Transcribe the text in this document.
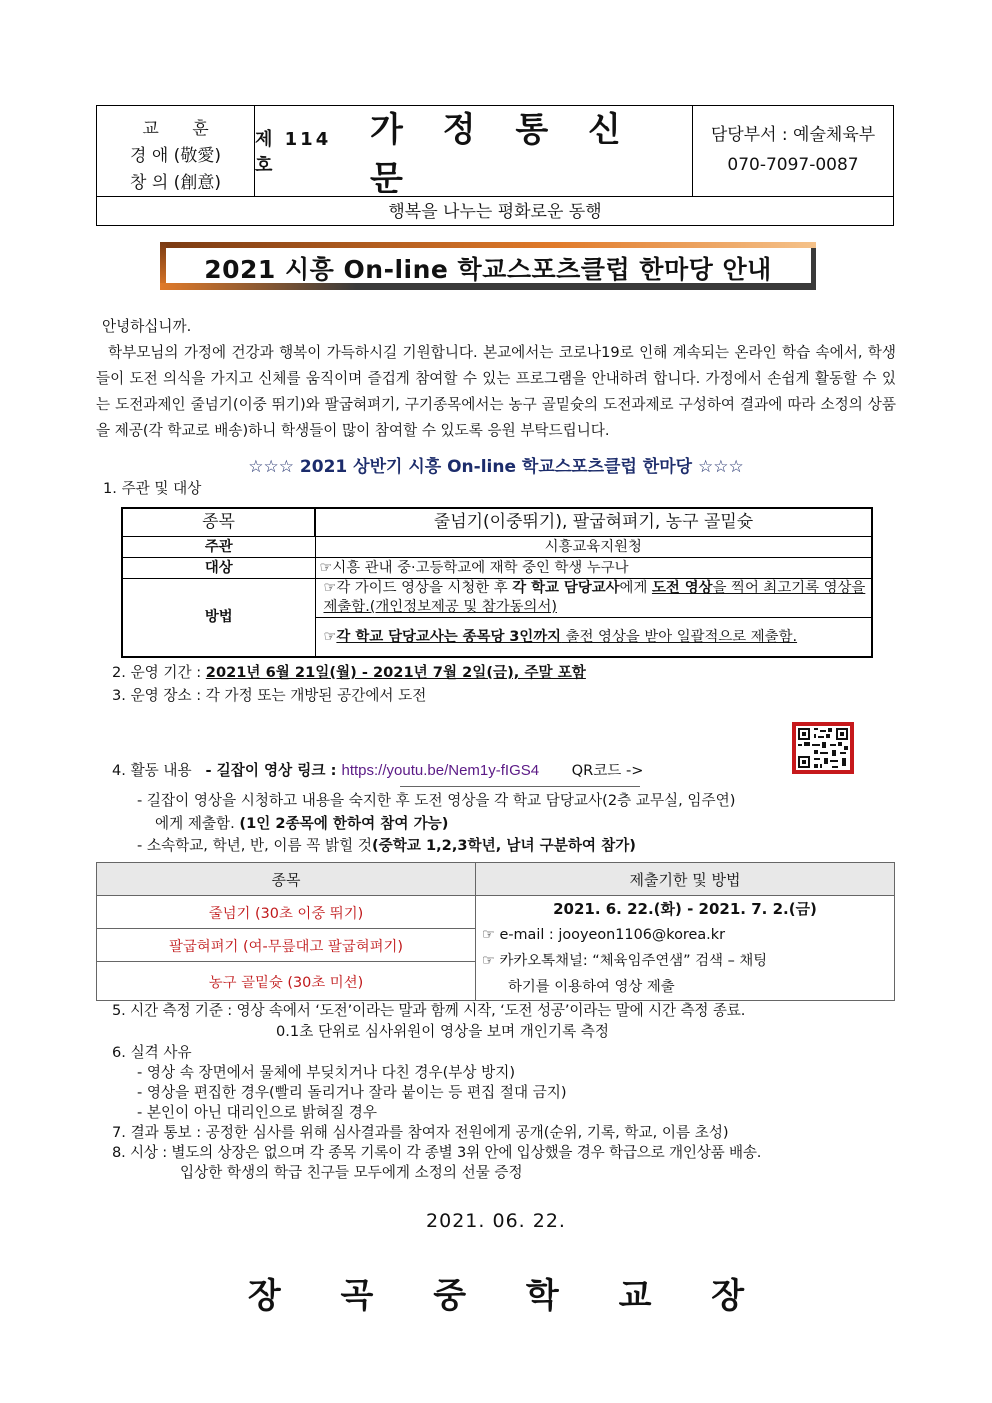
교 훈
경 애 (敬愛)
창 의 (創意)
제 114 호
가 정 통 신 문
담당부서 : 예술체육부
070-7097-0087
행복을 나누는 평화로운 동행
2021 시흥 On-line 학교스포츠클럽 한마당 안내

안녕하십니까.

학부모님의 가정에 건강과 행복이 가득하시길 기원합니다. 본교에서는 코로나19로 인해 계속되는 온라인 학습 속에서, 학생들이 도전 의식을 가지고 신체를 움직이며 즐겁게 참여할 수 있는 프로그램을 안내하려 합니다. 가정에서 손쉽게 활동할 수 있는 도전과제인 줄넘기(이중 뛰기)와 팔굽혀펴기, 구기종목에서는 농구 골밑슛의 도전과제로 구성하여 결과에 따라 소정의 상품을 제공(각 학교로 배송)하니 학생들이 많이 참여할 수 있도록 응원 부탁드립니다.

☆☆☆ 2021 상반기 시흥 On-line 학교스포츠클럽 한마당 ☆☆☆
1. 주관 및 대상
종목	줄넘기(이중뛰기), 팔굽혀펴기, 농구 골밑슛
주관	시흥교육지원청
대상	☞시흥 관내 중·고등학교에 재학 중인 학생 누구나
방법	☞각 가이드 영상을 시청한 후 각 학교 담당교사에게 도전 영상을 찍어 최고기록 영상을 제출함.(개인정보제공 및 참가동의서)
	☞각 학교 담당교사는 종목당 3인까지 출전 영상을 받아 일괄적으로 제출함.
2. 운영 기간 : 2021년 6월 21일(월) - 2021년 7월 2일(금), 주말 포함
3. 운영 장소 : 각 가정 또는 개방된 공간에서 도전
4. 활동 내용 - 길잡이 영상 링크 : https://youtu.be/Nem1y-fIGS4 QR코드 ->
- 길잡이 영상을 시청하고 내용을 숙지한 후 도전 영상을 각 학교 담당교사(2층 교무실, 임주연)
에게 제출함. (1인 2종목에 한하여 참여 가능)
- 소속학교, 학년, 반, 이름 꼭 밝힐 것(중학교 1,2,3학년, 남녀 구분하여 참가)
종목	제출기한 및 방법
줄넘기 (30초 이중 뛰기)	2021. 6. 22.(화) - 2021. 7. 2.(금)
☞ e-mail : jooyeon1106@korea.kr
☞ 카카오톡채널: “체육임주연샘” 검색 – 채팅
하기를 이용하여 영상 제출

팔굽혀펴기 (여-무릎대고 팔굽혀펴기)	
농구 골밑슛 (30초 미션)	
5. 시간 측정 기준 : 영상 속에서 ‘도전’이라는 말과 함께 시작, ‘도전 성공’이라는 말에 시간 측정 종료.
0.1초 단위로 심사위원이 영상을 보며 개인기록 측정
6. 실격 사유
- 영상 속 장면에서 물체에 부딪치거나 다친 경우(부상 방지)
- 영상을 편집한 경우(빨리 돌리거나 잘라 붙이는 등 편집 절대 금지)
- 본인이 아닌 대리인으로 밝혀질 경우
7. 결과 통보 : 공정한 심사를 위해 심사결과를 참여자 전원에게 공개(순위, 기록, 학교, 이름 초성)
8. 시상 : 별도의 상장은 없으며 각 종목 기록이 각 종별 3위 안에 입상했을 경우 학급으로 개인상품 배송.
입상한 학생의 학급 친구들 모두에게 소정의 선물 증정
2021. 06. 22.
장 곡 중 학 교 장
